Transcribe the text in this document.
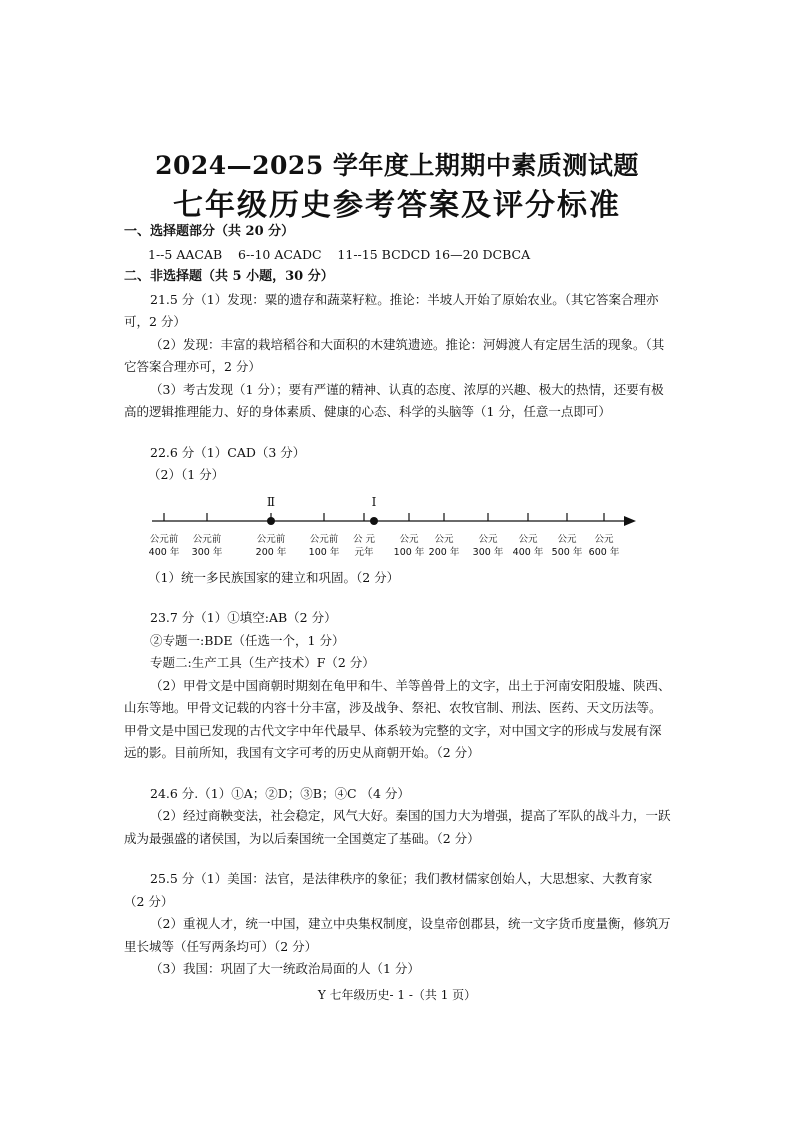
2024—2025 学年度上期期中素质测试题
七年级历史参考答案及评分标准

一、选择题部分（共 20 分）

1--5 AACAB    6--10 ACADC    11--15 BCDCD 16—20 DCBCA

二、非选择题（共 5 小题，30 分）

21.5 分（1）发现：粟的遗存和蔬菜籽粒。推论：半坡人开始了原始农业。（其它答案合理亦可，2 分）

（2）发现：丰富的栽培稻谷和大面积的木建筑遗迹。推论：河姆渡人有定居生活的现象。（其它答案合理亦可，2 分）

（3）考古发现（1 分）；要有严谨的精神、认真的态度、浓厚的兴趣、极大的热情，还要有极高的逻辑推理能力、好的身体素质、健康的心态、科学的头脑等（1 分，任意一点即可）

22.6 分（1）CAD（3 分）

（2）（1 分）

Ⅱ	Ⅰ
公元前
400 年
公元前
300 年
公元前
200 年
公元前
100 年
公 元
元年
公元
100 年
公元
200 年
公元
300 年
公元
400 年
公元
500 年
公元
600 年

（1）统一多民族国家的建立和巩固。（2 分）

23.7 分（1）①填空:AB（2 分）

②专题一:BDE（任选一个，1 分）

专题二:生产工具（生产技术）F（2 分）

（2）甲骨文是中国商朝时期刻在龟甲和牛、羊等兽骨上的文字，出土于河南安阳殷墟、陕西、山东等地。甲骨文记载的内容十分丰富，涉及战争、祭祀、农牧官制、刑法、医药、天文历法等。甲骨文是中国已发现的古代文字中年代最早、体系较为完整的文字，对中国文字的形成与发展有深远的影。目前所知，我国有文字可考的历史从商朝开始。（2 分）

24.6 分.（1）①A；②D；③B；④C （4 分）

（2）经过商鞅变法，社会稳定，风气大好。秦国的国力大为增强，提高了军队的战斗力，一跃成为最强盛的诸侯国，为以后秦国统一全国奠定了基础。（2 分）

25.5 分（1）美国：法官，是法律秩序的象征；我们教材儒家创始人，大思想家、大教育家（2 分）

（2）重视人才，统一中国，建立中央集权制度，设皇帝创郡县，统一文字货币度量衡，修筑万里长城等（任写两条均可）（2 分）

（3）我国：巩固了大一统政治局面的人（1 分）

Y 七年级历史- 1 -（共 1 页）
